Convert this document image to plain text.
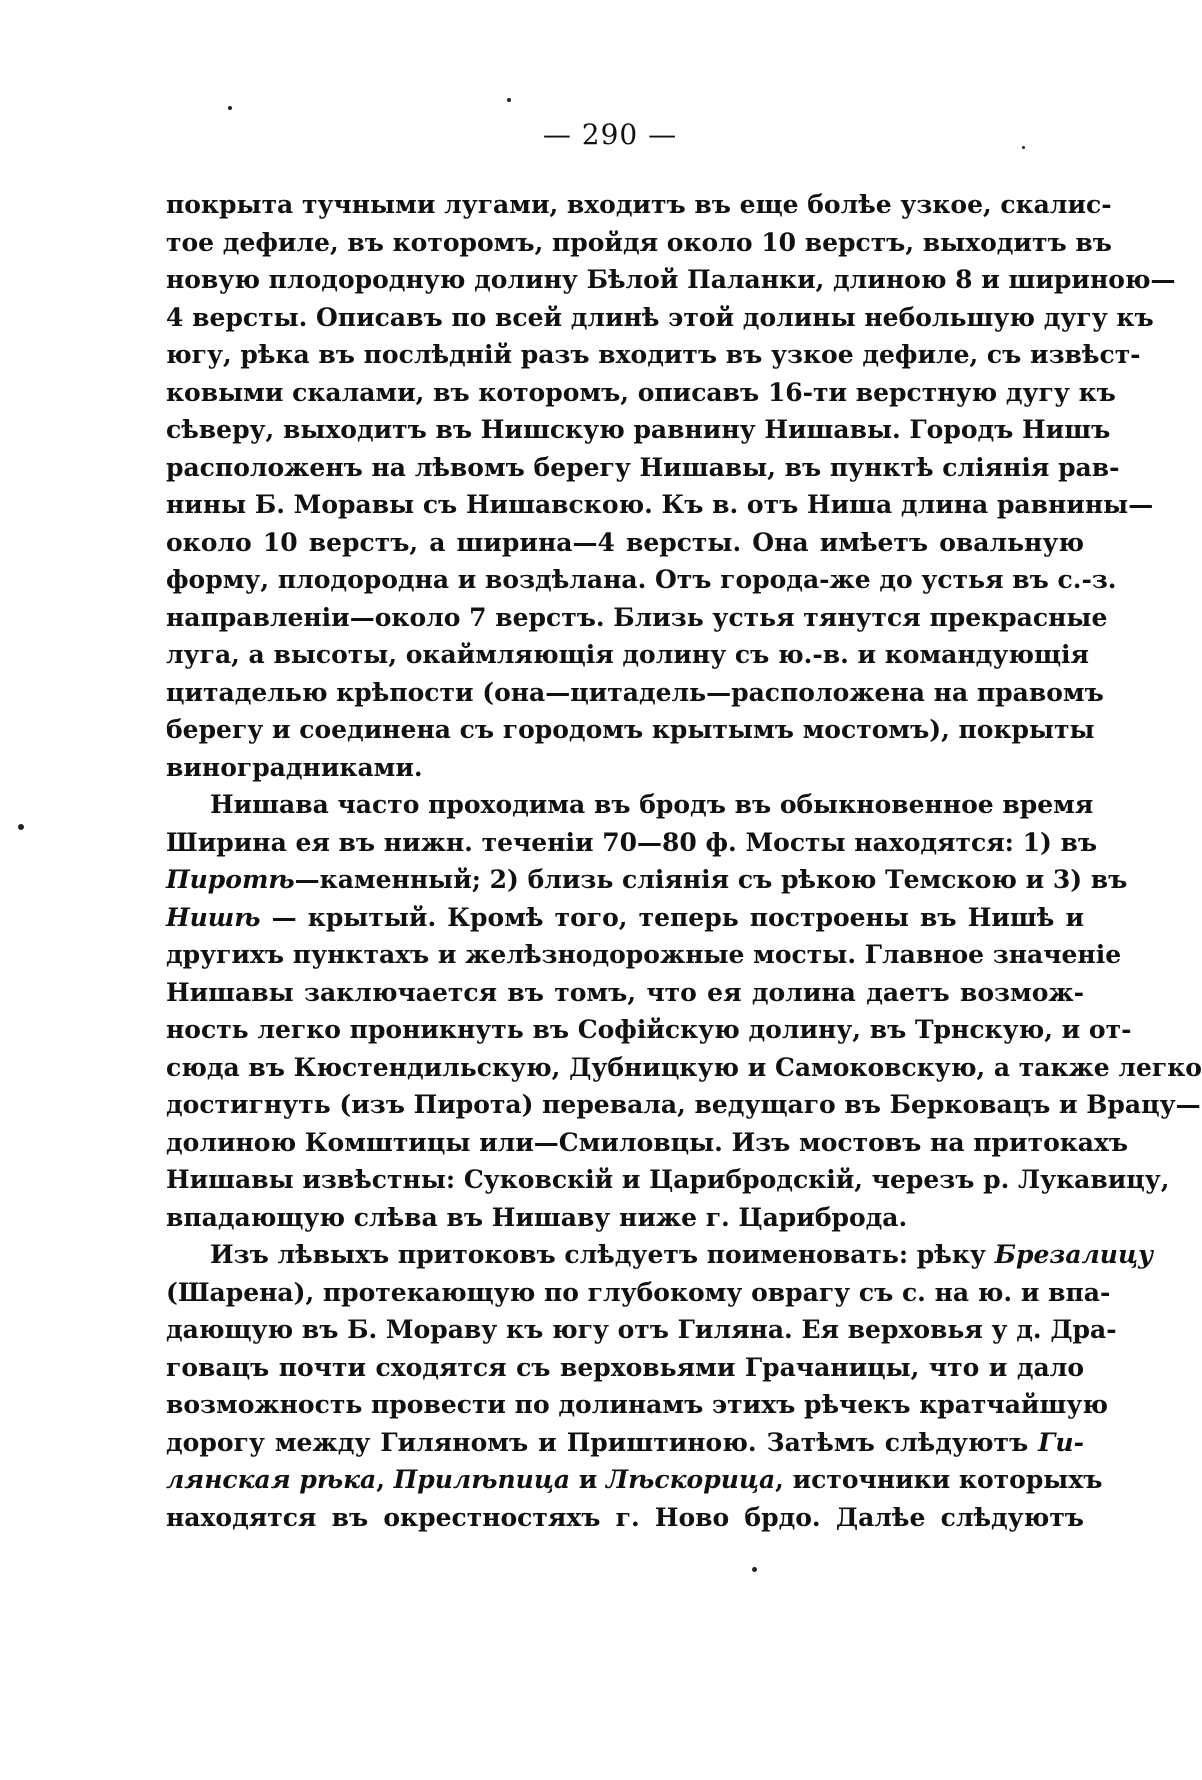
— 290 —
покрыта тучными лугами, входитъ въ еще болѣе узкое, скалис-
тое дефиле, въ которомъ, пройдя около 10 верстъ, выходитъ въ
новую плодородную долину Бѣлой Паланки, длиною 8 и шириною—
4 версты. Описавъ по всей длинѣ этой долины небольшую дугу къ
югу, рѣка въ послѣднiй разъ входитъ въ узкое дефиле, съ извѣст-
ковыми скалами, въ которомъ, описавъ 16-ти верстную дугу къ
сѣверу, выходитъ въ Нишскую равнину Нишавы. Городъ Нишъ
расположенъ на лѣвомъ берегу Нишавы, въ пунктѣ слiянiя рав-
нины Б. Моравы съ Нишавскою. Къ в. отъ Ниша длина равнины—
около 10 верстъ, а ширина—4 версты. Она имѣетъ овальную
форму, плодородна и воздѣлана. Отъ города-же до устья въ с.-з.
направленiи—около 7 верстъ. Близь устья тянутся прекрасные
луга, а высоты, окаймляющiя долину съ ю.-в. и командующiя
цитаделью крѣпости (она—цитадель—расположена на правомъ
берегу и соединена съ городомъ крытымъ мостомъ), покрыты
виноградниками.
Нишава часто проходима въ бродъ въ обыкновенное время
Ширина ея въ нижн. теченiи 70—80 ф. Мосты находятся: 1) въ
Пиротѣ—каменный; 2) близь слiянiя съ рѣкою Темскою и 3) въ
Нишѣ — крытый. Кромѣ того, теперь построены въ Нишѣ и
другихъ пунктахъ и желѣзнодорожные мосты. Главное значенiе
Нишавы заключается въ томъ, что ея долина даетъ возмож-
ность легко проникнуть въ Софiйскую долину, въ Трнскую, и от-
сюда въ Кюстендильскую, Дубницкую и Самоковскую, а также легко
достигнуть (изъ Пирота) перевала, ведущаго въ Берковацъ и Врацу—
долиною Комштицы или—Смиловцы. Изъ мостовъ на притокахъ
Нишавы извѣстны: Суковскiй и Царибродскiй, черезъ р. Лукавицу,
впадающую слѣва въ Нишаву ниже г. Цариброда.
Изъ лѣвыхъ притоковъ слѣдуетъ поименовать: рѣку Брезалицу
(Шарена), протекающую по глубокому оврагу съ с. на ю. и впа-
дающую въ Б. Мораву къ югу отъ Гиляна. Ея верховья у д. Дра-
говацъ почти сходятся съ верховьями Грачаницы, что и дало
возможность провести по долинамъ этихъ рѣчекъ кратчайшую
дорогу между Гиляномъ и Приштиною. Затѣмъ слѣдуютъ Ги-
лянская рѣка, Прилѣпица и Лѣскорица, источники которыхъ
находятся въ окрестностяхъ г. Ново брдо. Далѣе слѣдуютъ
